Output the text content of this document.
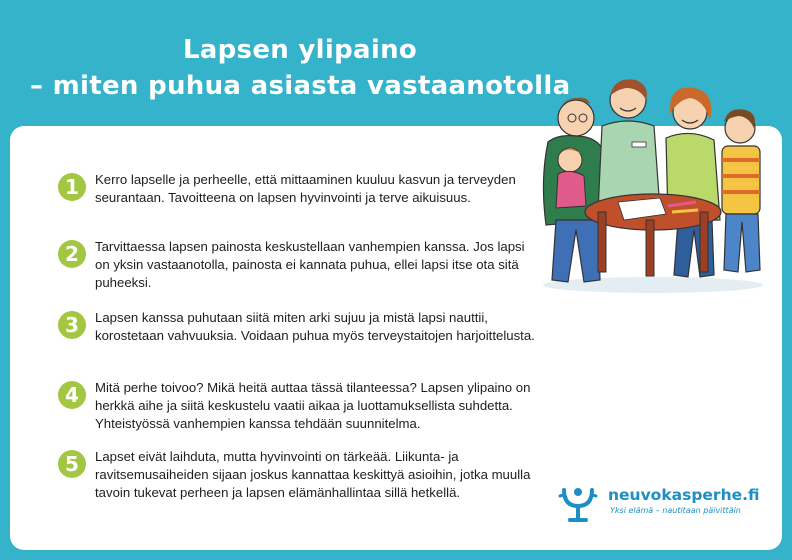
Lapsen ylipaino
– miten puhua asiasta vastaanotolla
1	Kerro lapselle ja perheelle, että mittaaminen kuuluu kasvun ja terveyden seurantaan. Tavoitteena on lapsen hyvinvointi ja terve aikuisuus.
2	Tarvittaessa lapsen painosta keskustellaan vanhempien kanssa. Jos lapsi on yksin vastaanotolla, painosta ei kannata puhua, ellei lapsi itse ota sitä puheeksi.
3	Lapsen kanssa puhutaan siitä miten arki sujuu ja mistä lapsi nauttii, korostetaan vahvuuksia. Voidaan puhua myös terveystaitojen harjoittelusta.
4	Mitä perhe toivoo? Mikä heitä auttaa tässä tilanteessa? Lapsen ylipaino on herkkä aihe ja siitä keskustelu vaatii aikaa ja luottamuksellista suhdetta. Yhteistyössä vanhempien kanssa tehdään suunnitelma.
5	Lapset eivät laihduta, mutta hyvinvointi on tärkeää. Liikunta- ja ravitsemusaiheiden sijaan joskus kannattaa keskittyä asioihin, jotka muulla tavoin tukevat perheen ja lapsen elämänhallintaa sillä hetkellä.	neuvokasperhe.fi
Yksi elämä – nautitaan päivittäin
